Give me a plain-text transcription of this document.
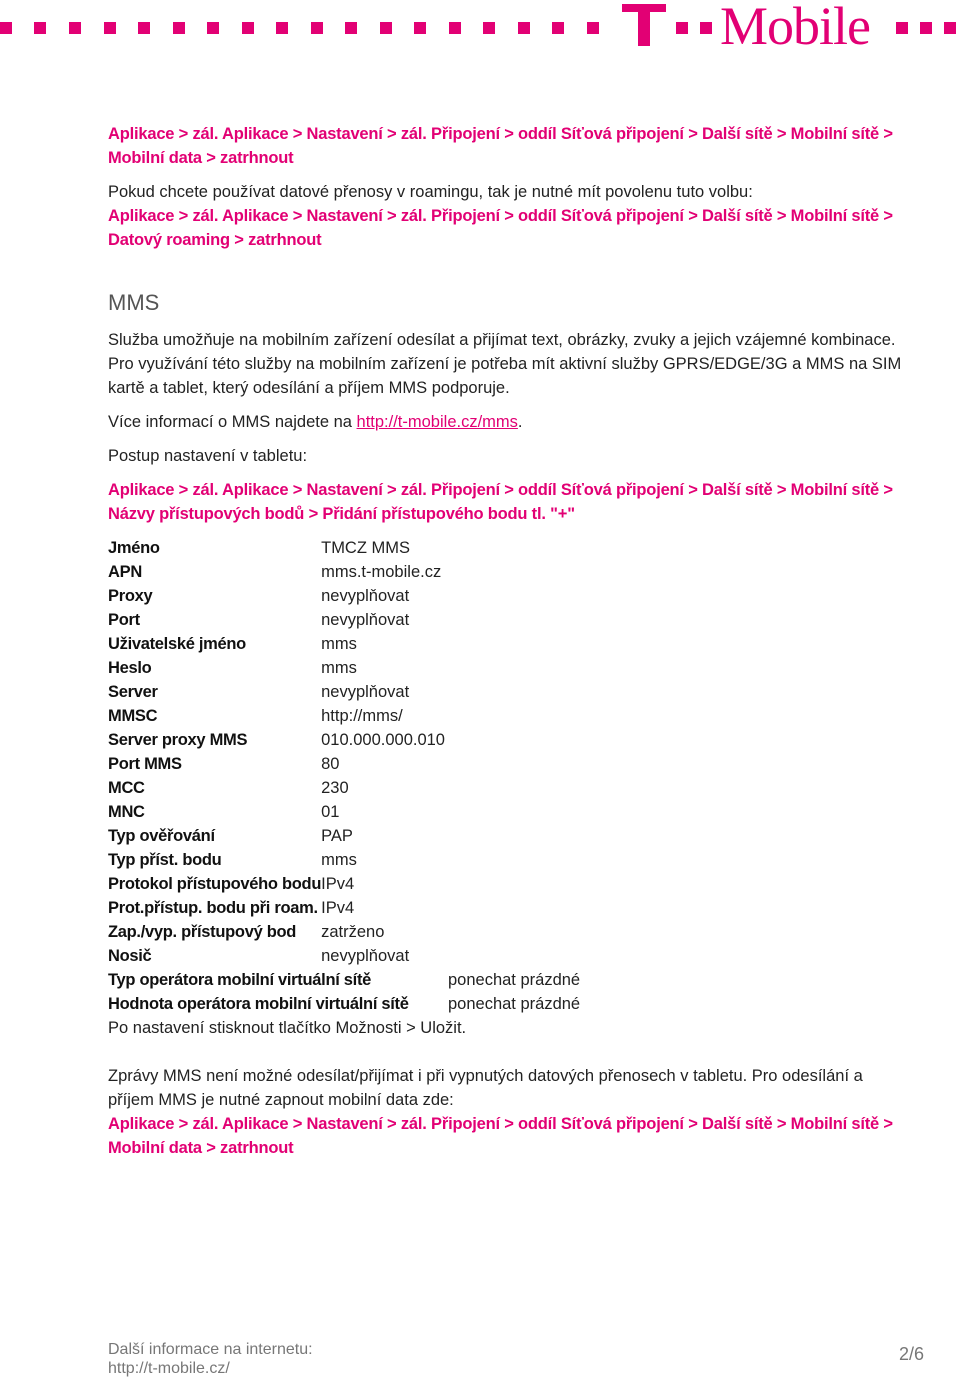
Mobile

Aplikace > zál. Aplikace > Nastavení > zál. Připojení > oddíl Síťová připojení > Další sítě > Mobilní sítě > Mobilní data > zatrhnout

Pokud chcete používat datové přenosy v roamingu, tak je nutné mít povolenu tuto volbu:

Aplikace > zál. Aplikace > Nastavení > zál. Připojení > oddíl Síťová připojení > Další sítě > Mobilní sítě > Datový roaming > zatrhnout

MMS

Služba umožňuje na mobilním zařízení odesílat a přijímat text, obrázky, zvuky a jejich vzájemné kombinace. Pro využívání této služby na mobilním zařízení je potřeba mít aktivní služby GPRS/EDGE/3G a MMS na SIM kartě a tablet, který odesílání a příjem MMS podporuje.

Více informací o MMS najdete na http://t-mobile.cz/mms.

Postup nastavení v tabletu:

Aplikace > zál. Aplikace > Nastavení > zál. Připojení > oddíl Síťová připojení > Další sítě > Mobilní sítě > Názvy přístupových bodů > Přidání přístupového bodu tl. "+"

Jméno	TMCZ MMS
APN	mms.t-mobile.cz
Proxy	nevyplňovat
Port	nevyplňovat
Uživatelské jméno	mms
Heslo	mms
Server	nevyplňovat
MMSC	http://mms/
Server proxy MMS	010.000.000.010
Port MMS	80
MCC	230
MNC	01
Typ ověřování	PAP
Typ příst. bodu	mms
Protokol přístupového bodu	IPv4
Prot.přístup. bodu při roam.	IPv4
Zap./vyp. přístupový bod	zatrženo
Nosič	nevyplňovat
Typ operátora mobilní virtuální sítě	ponechat prázdné
Hodnota operátora mobilní virtuální sítě	ponechat prázdné

Po nastavení stisknout tlačítko Možnosti > Uložit.

Zprávy MMS není možné odesílat/přijímat i při vypnutých datových přenosech v tabletu. Pro odesílání a příjem MMS je nutné zapnout mobilní data zde:

Aplikace > zál. Aplikace > Nastavení > zál. Připojení > oddíl Síťová připojení > Další sítě > Mobilní sítě > Mobilní data > zatrhnout

Další informace na internetu:
http://t-mobile.cz/
2/6
